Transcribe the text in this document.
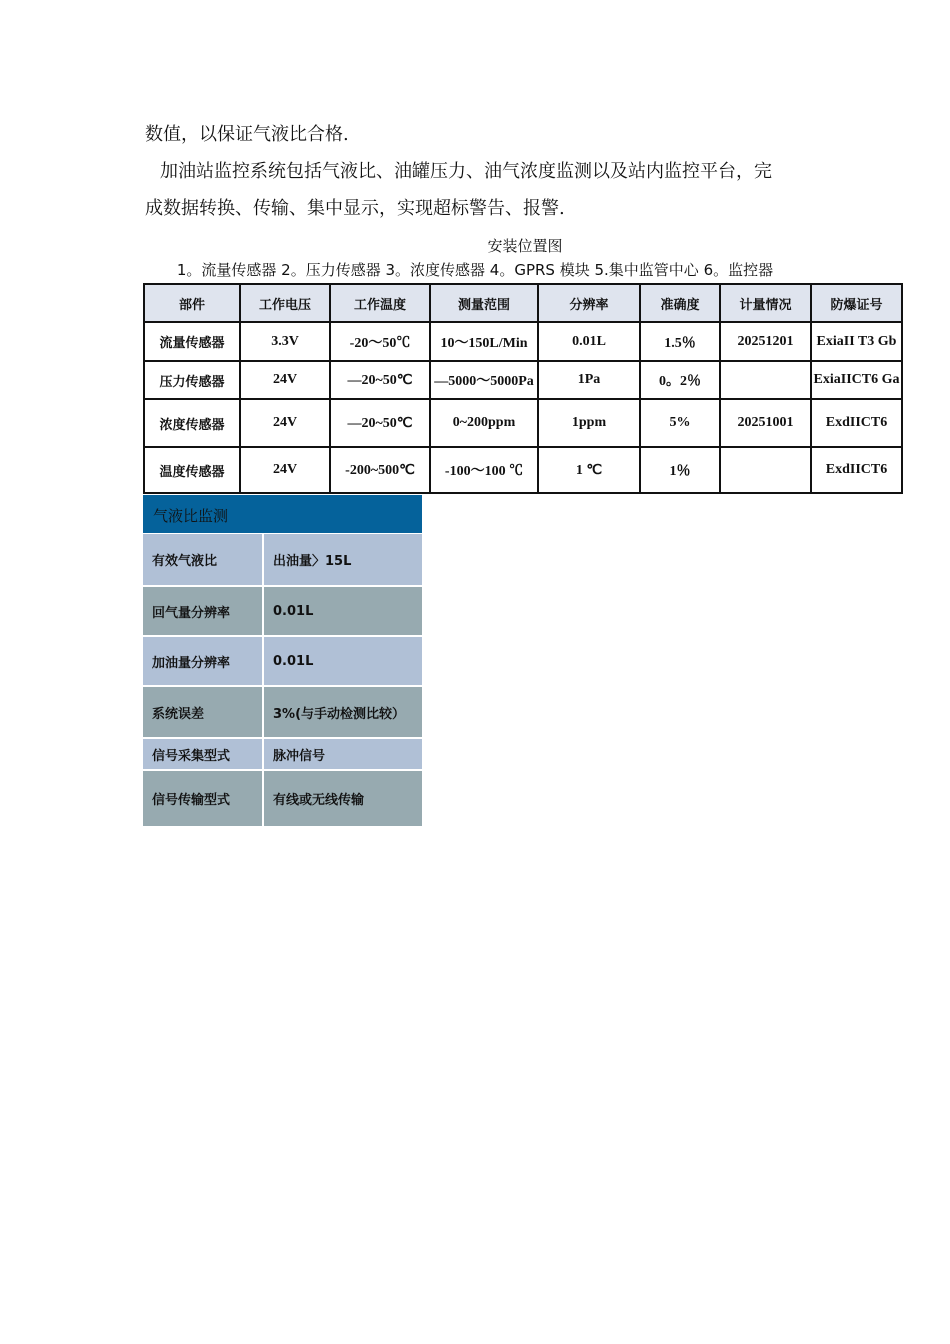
数值，以保证气液比合格.
加油站监控系统包括气液比、油罐压力、油气浓度监测以及站内监控平台，完
成数据转换、传输、集中显示，实现超标警告、报警.
安装位置图
1。流量传感器 2。压力传感器 3。浓度传感器 4。GPRS 模块 5.集中监管中心 6。监控器
部件	工作电压	工作温度	测量范围	分辨率	准确度	计量情况	防爆证号
流量传感器	3.3V	-20～50℃	10～150L/Min	0.01L	1.5％	20251201	ExiaII T3 Gb
压力传感器	24V	—20~50℃	—5000～5000Pa	1Pa	0。2％		ExiaIICT6 Ga
浓度传感器	24V	—20~50℃	0~200ppm	1ppm	5%	20251001	ExdIICT6
温度传感器	24V	-200~500℃	-100～100 ℃	1 ℃	1％		ExdIICT6
气液比监测
有效气液比	出油量〉15L
回气量分辨率	0.01L
加油量分辨率	0.01L
系统误差	3%(与手动检测比较）
信号采集型式	脉冲信号
信号传输型式	有线或无线传输
